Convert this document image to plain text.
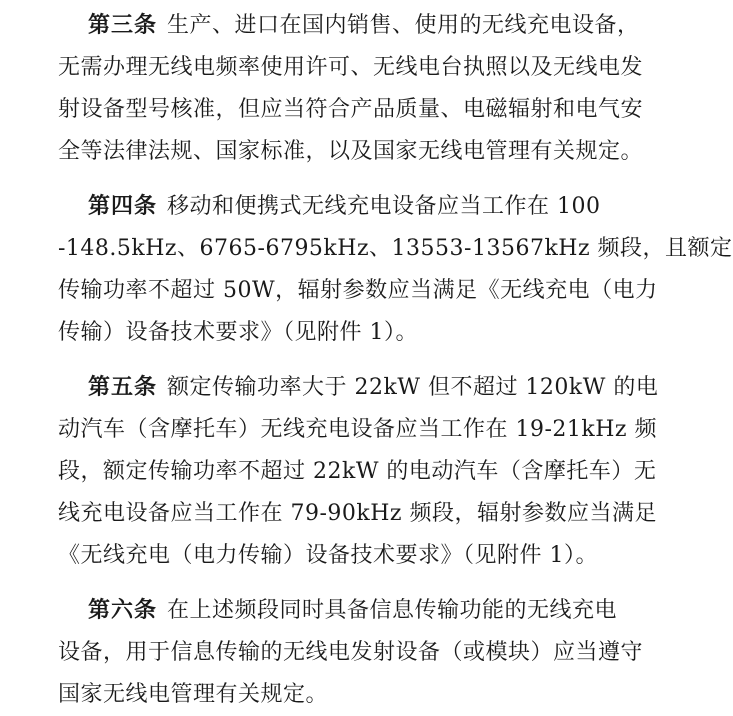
第三条 生产、进口在国内销售、使用的无线充电设备，
无需办理无线电频率使用许可、无线电台执照以及无线电发
射设备型号核准，但应当符合产品质量、电磁辐射和电气安
全等法律法规、国家标准，以及国家无线电管理有关规定。
第四条 移动和便携式无线充电设备应当工作在 100
-148.5kHz、6765-6795kHz、13553-13567kHz 频段，且额定
传输功率不超过 50W，辐射参数应当满足《无线充电（电力
传输）设备技术要求》（见附件 1）。
第五条 额定传输功率大于 22kW 但不超过 120kW 的电
动汽车（含摩托车）无线充电设备应当工作在 19-21kHz 频
段，额定传输功率不超过 22kW 的电动汽车（含摩托车）无
线充电设备应当工作在 79-90kHz 频段，辐射参数应当满足
《无线充电（电力传输）设备技术要求》（见附件 1）。
第六条 在上述频段同时具备信息传输功能的无线充电
设备，用于信息传输的无线电发射设备（或模块）应当遵守
国家无线电管理有关规定。
